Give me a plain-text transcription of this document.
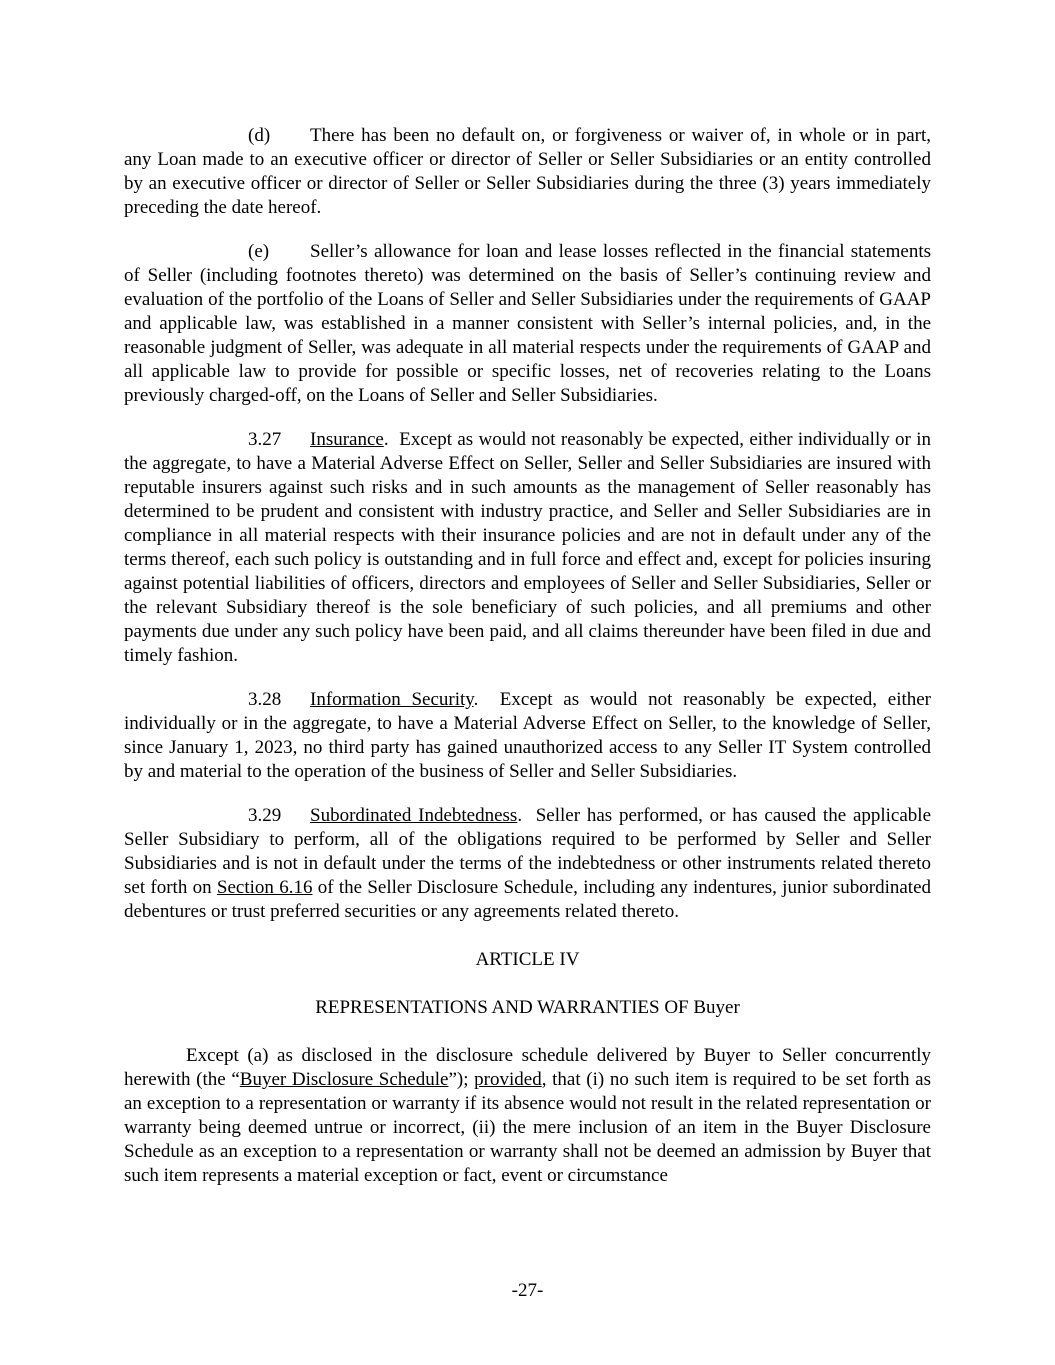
(d) There has been no default on, or forgiveness or waiver of, in whole or in part, any Loan made to an executive officer or director of Seller or Seller Subsidiaries or an entity controlled by an executive officer or director of Seller or Seller Subsidiaries during the three (3) years immediately preceding the date hereof.

(e) Seller’s allowance for loan and lease losses reflected in the financial statements of Seller (including footnotes thereto) was determined on the basis of Seller’s continuing review and evaluation of the portfolio of the Loans of Seller and Seller Subsidiaries under the requirements of GAAP and applicable law, was established in a manner consistent with Seller’s internal policies, and, in the reasonable judgment of Seller, was adequate in all material respects under the requirements of GAAP and all applicable law to provide for possible or specific losses, net of recoveries relating to the Loans previously charged-off, on the Loans of Seller and Seller Subsidiaries.

3.27 Insurance.  Except as would not reasonably be expected, either individually or in the aggregate, to have a Material Adverse Effect on Seller, Seller and Seller Subsidiaries are insured with reputable insurers against such risks and in such amounts as the management of Seller reasonably has determined to be prudent and consistent with industry practice, and Seller and Seller Subsidiaries are in compliance in all material respects with their insurance policies and are not in default under any of the terms thereof, each such policy is outstanding and in full force and effect and, except for policies insuring against potential liabilities of officers, directors and employees of Seller and Seller Subsidiaries, Seller or the relevant Subsidiary thereof is the sole beneficiary of such policies, and all premiums and other payments due under any such policy have been paid, and all claims thereunder have been filed in due and timely fashion.

3.28 Information Security.  Except as would not reasonably be expected, either individually or in the aggregate, to have a Material Adverse Effect on Seller, to the knowledge of Seller, since January 1, 2023, no third party has gained unauthorized access to any Seller IT System controlled by and material to the operation of the business of Seller and Seller Subsidiaries.

3.29 Subordinated Indebtedness.  Seller has performed, or has caused the applicable Seller Subsidiary to perform, all of the obligations required to be performed by Seller and Seller Subsidiaries and is not in default under the terms of the indebtedness or other instruments related thereto set forth on Section 6.16 of the Seller Disclosure Schedule, including any indentures, junior subordinated debentures or trust preferred securities or any agreements related thereto.

ARTICLE IV

REPRESENTATIONS AND WARRANTIES OF Buyer

Except (a) as disclosed in the disclosure schedule delivered by Buyer to Seller concurrently herewith (the “Buyer Disclosure Schedule”); provided, that (i) no such item is required to be set forth as an exception to a representation or warranty if its absence would not result in the related representation or warranty being deemed untrue or incorrect, (ii) the mere inclusion of an item in the Buyer Disclosure Schedule as an exception to a representation or warranty shall not be deemed an admission by Buyer that such item represents a material exception or fact, event or circumstance

-27-
